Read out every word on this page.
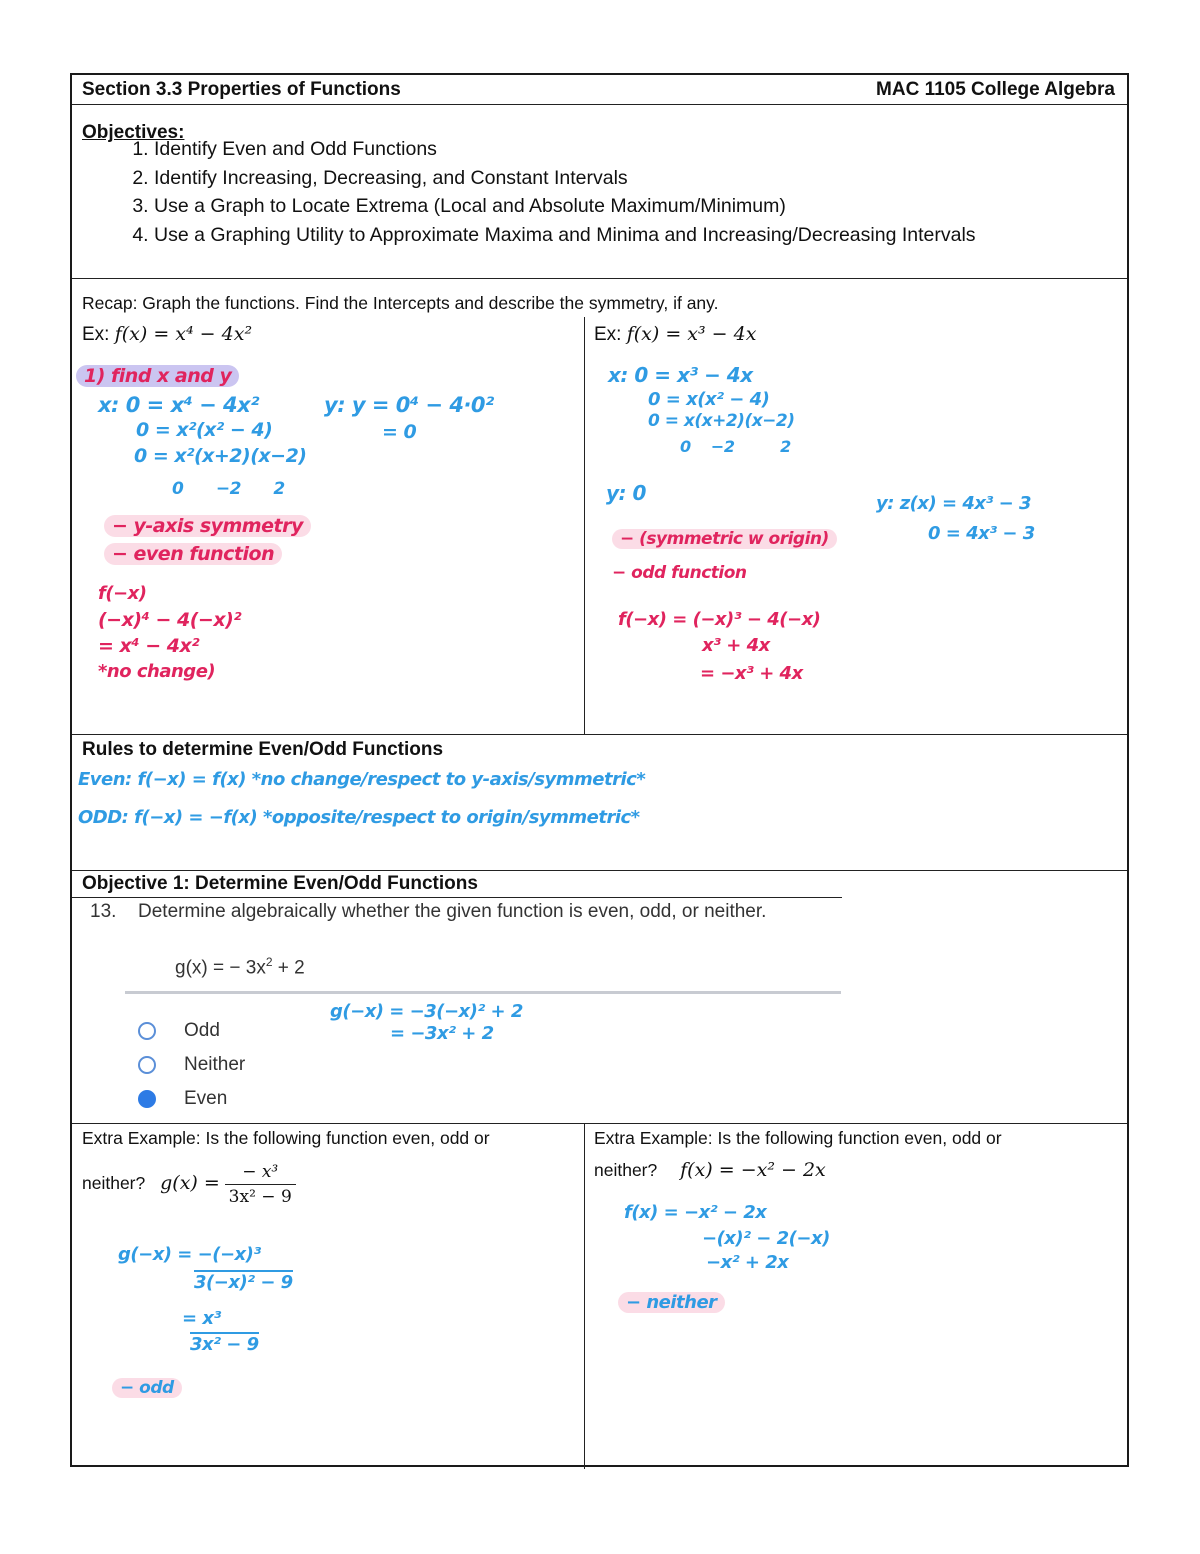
Section 3.3 Properties of Functions	MAC 1105 College Algebra
Objectives:
1. Identify Even and Odd Functions
2. Identify Increasing, Decreasing, and Constant Intervals
3. Use a Graph to Locate Extrema (Local and Absolute Maximum/Minimum)
4. Use a Graphing Utility to Approximate Maxima and Minima and Increasing/Decreasing Intervals
Recap: Graph the functions. Find the Intercepts and describe the symmetry, if any.
Ex: f(x) = x⁴ − 4x²	Ex: f(x) = x³ − 4x
1) find x and y
x: 0 = x⁴ − 4x²
0 = x²(x² − 4)
0 = x²(x+2)(x−2)
0      −2      2
y: y = 0⁴ − 4·0²
= 0
− y-axis symmetry
− even function
f(−x)
(−x)⁴ − 4(−x)²
= x⁴ − 4x²
*no change)
x: 0 = x³ − 4x
0 = x(x² − 4)
0 = x(x+2)(x−2)
0    −2         2
y: 0
− (symmetric w origin)
− odd function
y: z(x) = 4x³ − 3
0 = 4x³ − 3
f(−x) = (−x)³ − 4(−x)
x³ + 4x
= −x³ + 4x
Rules to determine Even/Odd Functions
Even: f(−x) = f(x) *no change/respect to y-axis/symmetric*
ODD: f(−x) = −f(x) *opposite/respect to origin/symmetric*
Objective 1: Determine Even/Odd Functions
13. Determine algebraically whether the given function is even, odd, or neither.
g(x) = − $3x^2 + 2$
Odd
Neither
Even
g(−x) = −3(−x)² + 2
= −3x² + 2
Extra Example: Is the following function even, odd or
neither? $g(x) = \frac{\text{− x³}}{\text{3x² − 9}}$
Extra Example: Is the following function even, odd or
neither? f(x) = −x² − 2x
g(−x) = −(−x)³
3(−x)² − 9
= x³
3x² − 9
− odd
f(x) = −x² − 2x
−(x)² − 2(−x)
−x² + 2x
− neither
